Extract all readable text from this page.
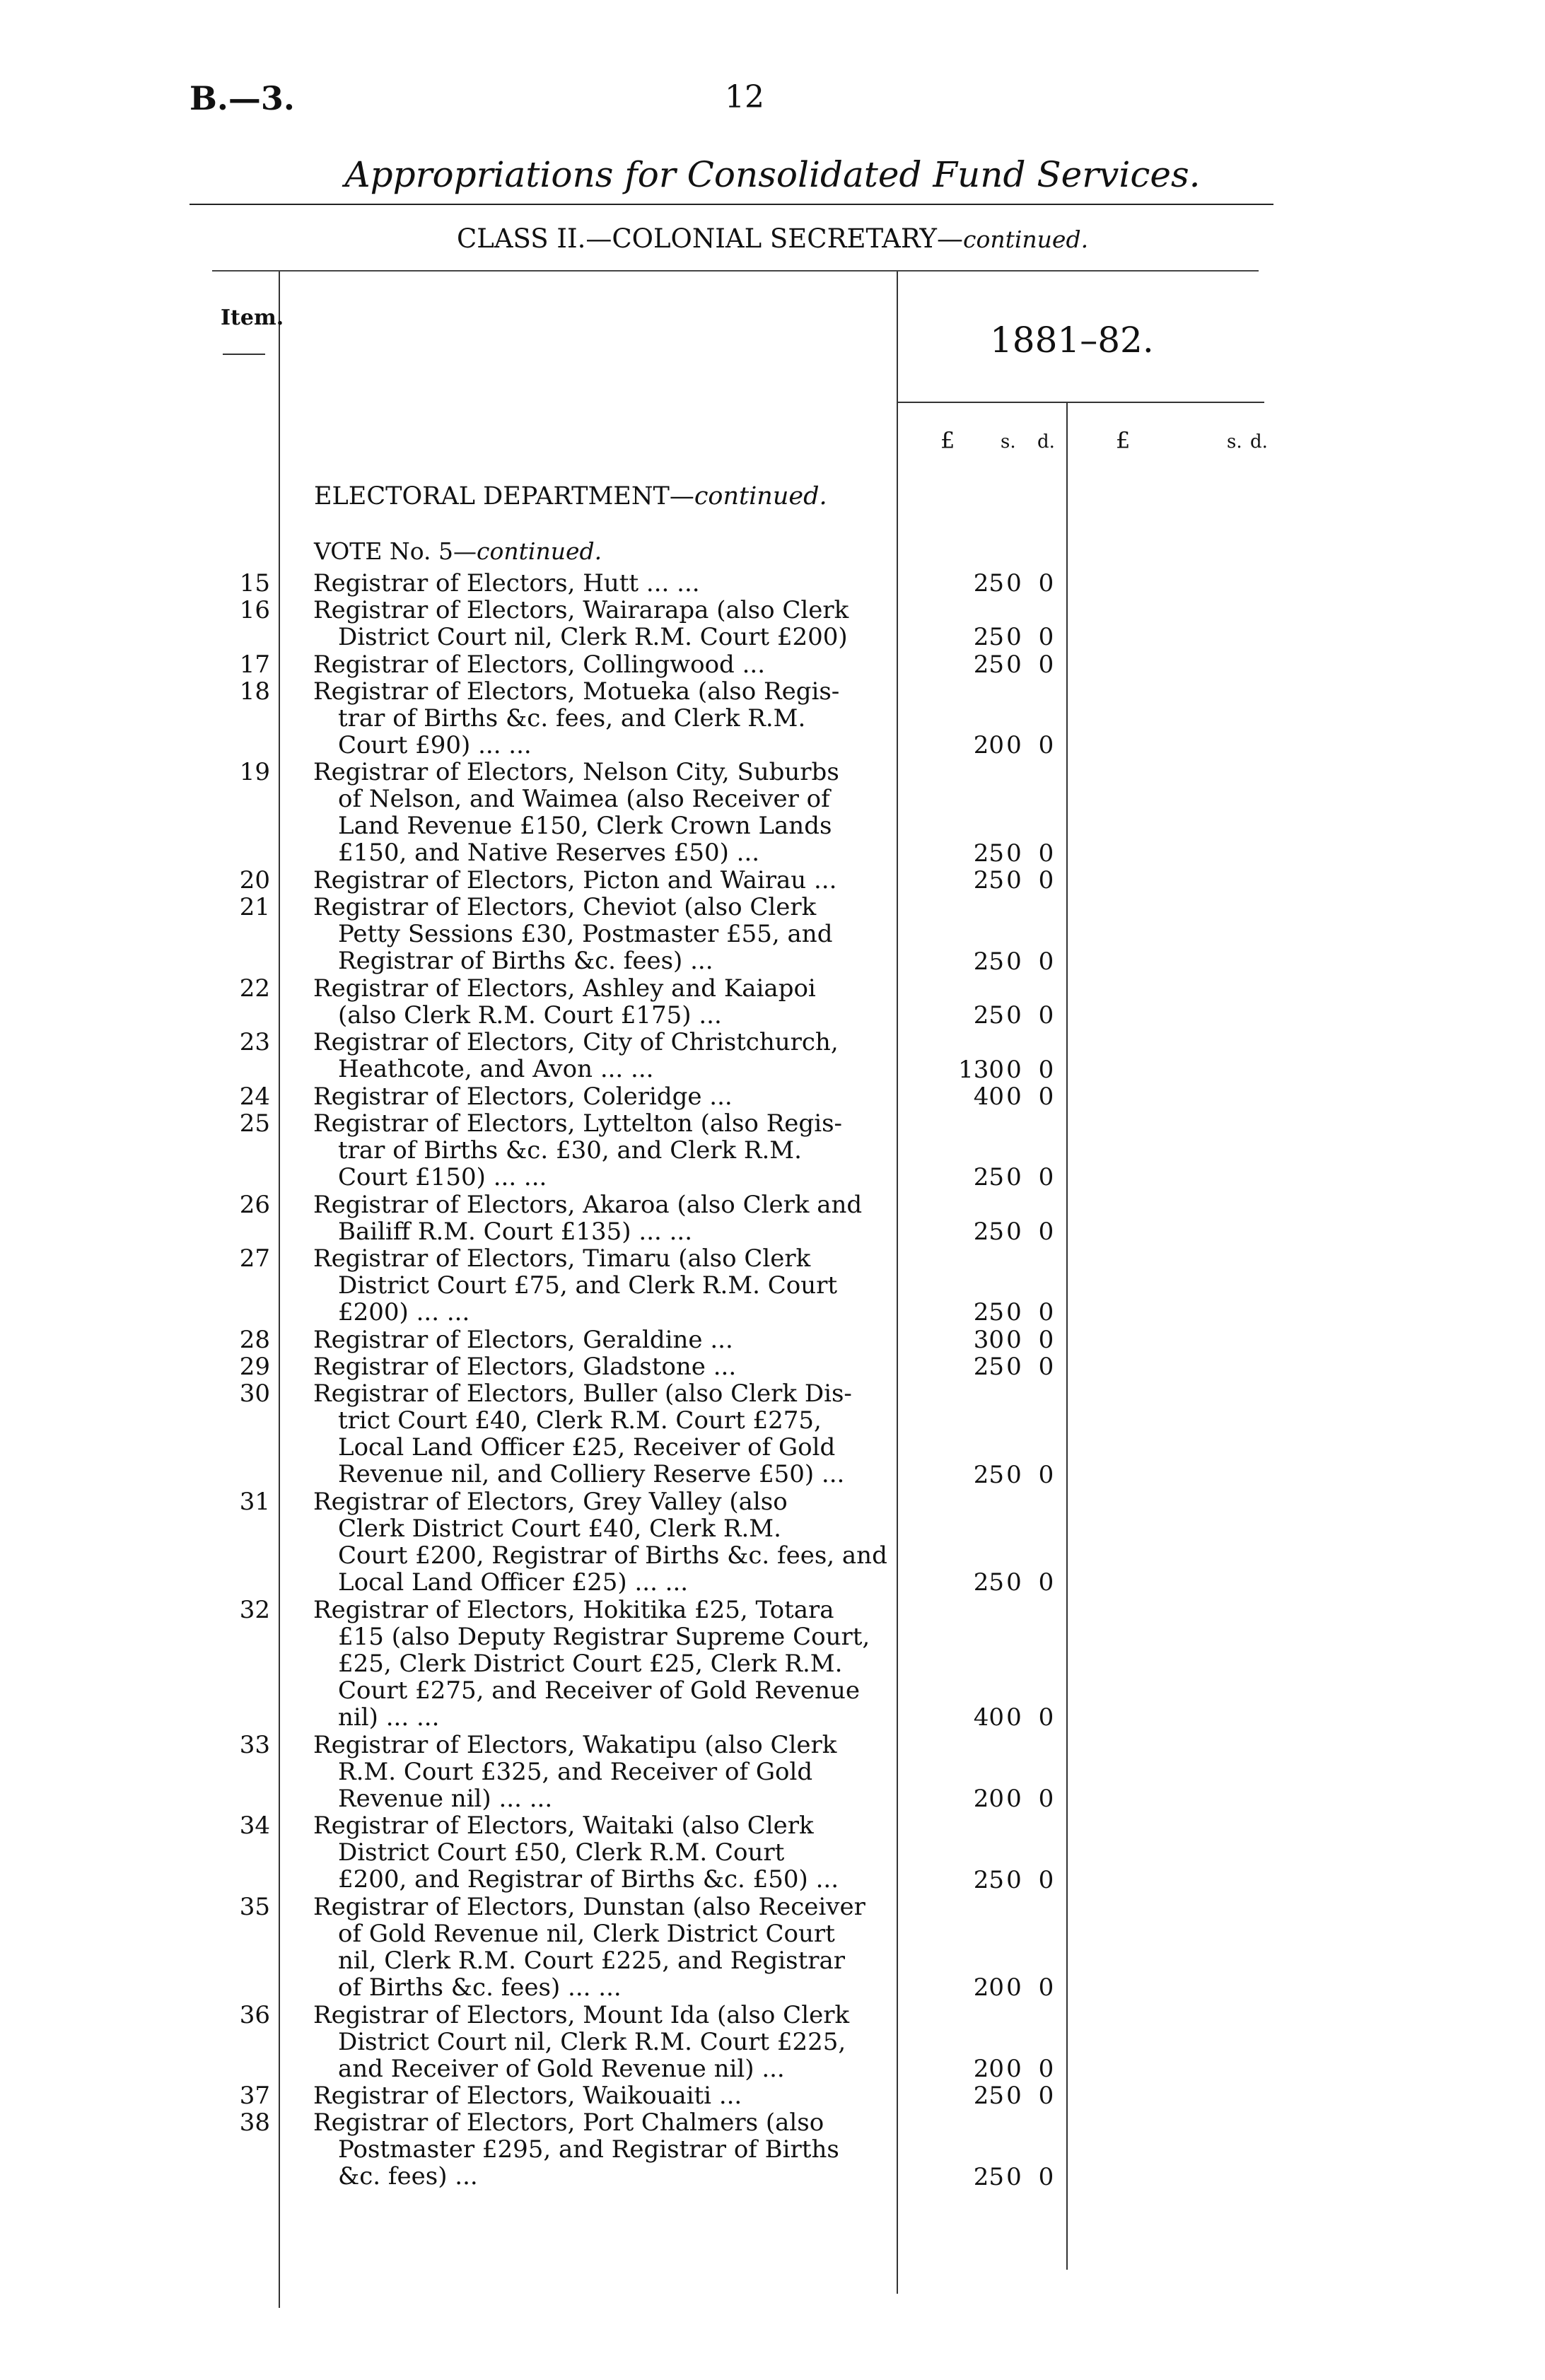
B.—3.	12
Appropriations for Consolidated Fund Services.
CLASS II.—COLONIAL SECRETARY—continued.
Item.
1881–82.
£ s. d.	£	s. d.
ELECTORAL DEPARTMENT—continued.
VOTE No. 5—continued.
15 Registrar of Electors, Hutt ... ...	25 0 0
16 Registrar of Electors, Wairarapa (also Clerk
District Court nil, Clerk R.M. Court £200)	25 0 0
17 Registrar of Electors, Collingwood ...	25 0 0
18 Registrar of Electors, Motueka (also Regis-
trar of Births &c. fees, and Clerk R.M.
Court £90) ... ...	20 0 0
19 Registrar of Electors, Nelson City, Suburbs
of Nelson, and Waimea (also Receiver of
Land Revenue £150, Clerk Crown Lands
£150, and Native Reserves £50) ...	25 0 0
20 Registrar of Electors, Picton and Wairau ...	25 0 0
21 Registrar of Electors, Cheviot (also Clerk
Petty Sessions £30, Postmaster £55, and
Registrar of Births &c. fees) ...	25 0 0
22 Registrar of Electors, Ashley and Kaiapoi
(also Clerk R.M. Court £175) ...	25 0 0
23 Registrar of Electors, City of Christchurch,
Heathcote, and Avon ... ...	130 0 0
24 Registrar of Electors, Coleridge ...	40 0 0
25 Registrar of Electors, Lyttelton (also Regis-
trar of Births &c. £30, and Clerk R.M.
Court £150) ... ...	25 0 0
26 Registrar of Electors, Akaroa (also Clerk and
Bailiff R.M. Court £135) ... ...	25 0 0
27 Registrar of Electors, Timaru (also Clerk
District Court £75, and Clerk R.M. Court
£200) ... ...	25 0 0
28 Registrar of Electors, Geraldine ...	30 0 0
29 Registrar of Electors, Gladstone ...	25 0 0
30 Registrar of Electors, Buller (also Clerk Dis-
trict Court £40, Clerk R.M. Court £275,
Local Land Officer £25, Receiver of Gold
Revenue nil, and Colliery Reserve £50) ...	25 0 0
31 Registrar of Electors, Grey Valley (also
Clerk District Court £40, Clerk R.M.
Court £200, Registrar of Births &c. fees, and
Local Land Officer £25) ... ...	25 0 0
32 Registrar of Electors, Hokitika £25, Totara
£15 (also Deputy Registrar Supreme Court,
£25, Clerk District Court £25, Clerk R.M.
Court £275, and Receiver of Gold Revenue
nil) ... ...	40 0 0
33 Registrar of Electors, Wakatipu (also Clerk
R.M. Court £325, and Receiver of Gold
Revenue nil) ... ...	20 0 0
34 Registrar of Electors, Waitaki (also Clerk
District Court £50, Clerk R.M. Court
£200, and Registrar of Births &c. £50) ...	25 0 0
35 Registrar of Electors, Dunstan (also Receiver
of Gold Revenue nil, Clerk District Court
nil, Clerk R.M. Court £225, and Registrar
of Births &c. fees) ... ...	20 0 0
36 Registrar of Electors, Mount Ida (also Clerk
District Court nil, Clerk R.M. Court £225,
and Receiver of Gold Revenue nil) ...	20 0 0
37 Registrar of Electors, Waikouaiti ...	25 0 0
38 Registrar of Electors, Port Chalmers (also
Postmaster £295, and Registrar of Births
&c. fees) ...	25 0 0
